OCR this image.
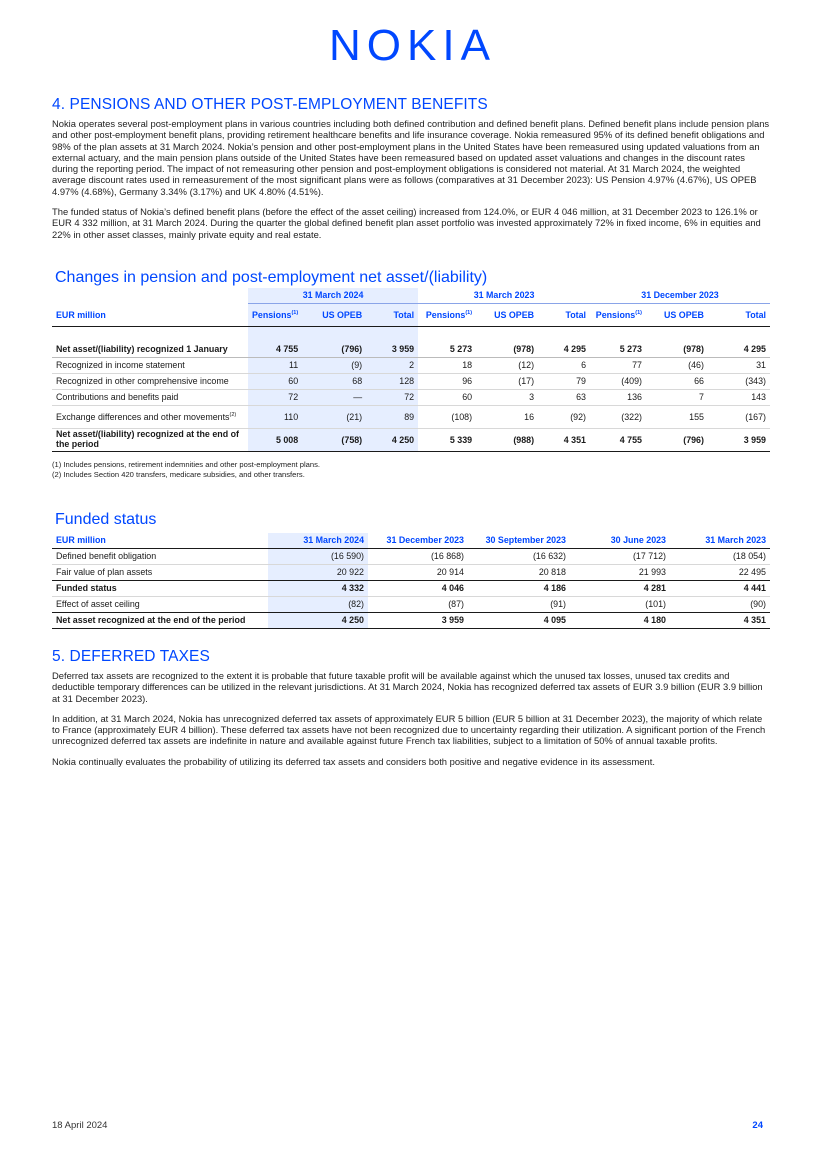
NOKIA
4. PENSIONS AND OTHER POST-EMPLOYMENT BENEFITS

Nokia operates several post-employment plans in various countries including both defined contribution and defined benefit plans. Defined benefit plans include pension plans and other post-employment benefit plans, providing retirement healthcare benefits and life insurance coverage. Nokia remeasured 95% of its defined benefit obligations and 98% of the plan assets at 31 March 2024. Nokia’s pension and other post-employment plans in the United States have been remeasured using updated valuations from an external actuary, and the main pension plans outside of the United States have been remeasured based on updated asset valuations and changes in the discount rates during the reporting period. The impact of not remeasuring other pension and post-employment obligations is considered not material. At 31 March 2024, the weighted average discount rates used in remeasurement of the most significant plans were as follows (comparatives at 31 December 2023): US Pension 4.97% (4.67%), US OPEB 4.97% (4.68%), Germany 3.34% (3.17%) and UK 4.80% (4.51%).

The funded status of Nokia’s defined benefit plans (before the effect of the asset ceiling) increased from 124.0%, or EUR 4 046 million, at 31 December 2023 to 126.1% or EUR 4 332 million, at 31 March 2024. During the quarter the global defined benefit plan asset portfolio was invested approximately 72% in fixed income, 6% in equities and 22% in other asset classes, mainly private equity and real estate.

Changes in pension and post-employment net asset/(liability)
	31 March 2024			31 March 2023			31 December 2023		
EUR million	Pensions$^{(1)}$	US OPEB	Total	Pensions$^{(1)}$	US OPEB	Total	Pensions$^{(1)}$	US OPEB	Total

Net asset/(liability) recognized 1 January	4 755	(796)	3 959	5 273	(978)	4 295	5 273	(978)	4 295
Recognized in income statement	11	(9)	2	18	(12)	6	77	(46)	31
Recognized in other comprehensive income	60	68	128	96	(17)	79	(409)	66	(343)
Contributions and benefits paid	72	—	72	60	3	63	136	7	143
Exchange differences and other movements$^{(2)}$	110	(21)	89	(108)	16	(92)	(322)	155	(167)
Net asset/(liability) recognized at the end of the period	5 008	(758)	4 250	5 339	(988)	4 351	4 755	(796)	3 959
(1) Includes pensions, retirement indemnities and other post-employment plans.
(2) Includes Section 420 transfers, medicare subsidies, and other transfers.
Funded status
EUR million	31 March 2024	31 December 2023	30 September 2023	30 June 2023	31 March 2023
Defined benefit obligation	(16 590)	(16 868)	(16 632)	(17 712)	(18 054)
Fair value of plan assets	20 922	20 914	20 818	21 993	22 495
Funded status	4 332	4 046	4 186	4 281	4 441
Effect of asset ceiling	(82)	(87)	(91)	(101)	(90)
Net asset recognized at the end of the period	4 250	3 959	4 095	4 180	4 351
5. DEFERRED TAXES

Deferred tax assets are recognized to the extent it is probable that future taxable profit will be available against which the unused tax losses, unused tax credits and deductible temporary differences can be utilized in the relevant jurisdictions. At 31 March 2024, Nokia has recognized deferred tax assets of EUR 3.9 billion (EUR 3.9 billion at 31 December 2023).

In addition, at 31 March 2024, Nokia has unrecognized deferred tax assets of approximately EUR 5 billion (EUR 5 billion at 31 December 2023), the majority of which relate to France (approximately EUR 4 billion). These deferred tax assets have not been recognized due to uncertainty regarding their utilization. A significant portion of the French unrecognized deferred tax assets are indefinite in nature and available against future French tax liabilities, subject to a limitation of 50% of annual taxable profits.

Nokia continually evaluates the probability of utilizing its deferred tax assets and considers both positive and negative evidence in its assessment.

18 April 2024	24
